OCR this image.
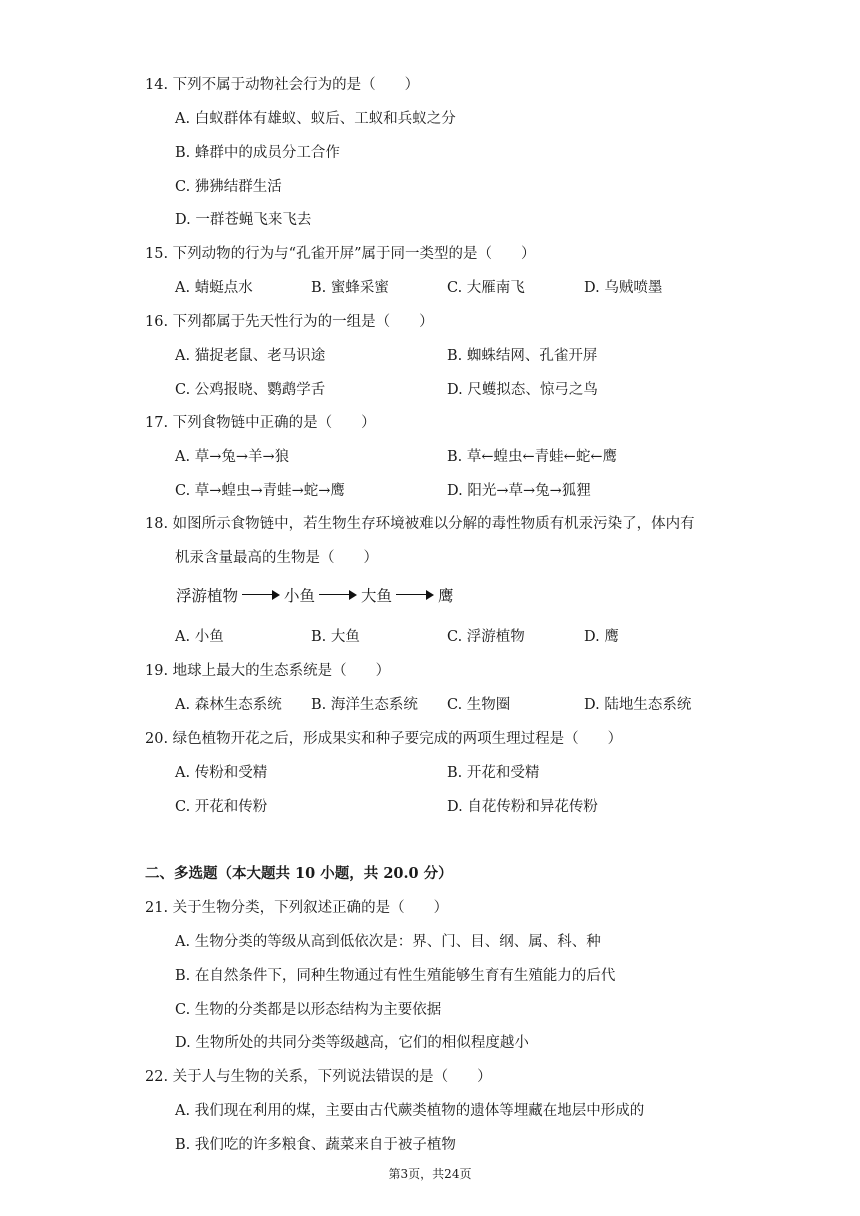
14. 下列不属于动物社会行为的是（　　）
A. 白蚁群体有雄蚁、蚁后、工蚁和兵蚁之分
B. 蜂群中的成员分工合作
C. 狒狒结群生活
D. 一群苍蝇飞来飞去
15. 下列动物的行为与“孔雀开屏”属于同一类型的是（　　）
A. 蜻蜓点水	B. 蜜蜂采蜜	C. 大雁南飞	D. 乌贼喷墨
16. 下列都属于先天性行为的一组是（　　）
A. 猫捉老鼠、老马识途	B. 蜘蛛结网、孔雀开屏
C. 公鸡报晓、鹦鹉学舌	D. 尺蠖拟态、惊弓之鸟
17. 下列食物链中正确的是（　　）
A. 草→兔→羊→狼	B. 草←蝗虫←青蛙←蛇←鹰
C. 草→蝗虫→青蛙→蛇→鹰	D. 阳光→草→兔→狐狸
18. 如图所示食物链中，若生物生存环境被难以分解的毒性物质有机汞污染了，体内有
机汞含量最高的生物是（　　）
浮游植物	小鱼	大鱼	鹰
A. 小鱼	B. 大鱼	C. 浮游植物	D. 鹰
19. 地球上最大的生态系统是（　　）
A. 森林生态系统 B. 海洋生态系统 C. 生物圈	D. 陆地生态系统
20. 绿色植物开花之后，形成果实和种子要完成的两项生理过程是（　　）
A. 传粉和受精	B. 开花和受精
C. 开花和传粉	D. 自花传粉和异花传粉
二、多选题（本大题共 10 小题，共 20.0 分）
21. 关于生物分类，下列叙述正确的是（　　）
A. 生物分类的等级从高到低依次是：界、门、目、纲、属、科、种
B. 在自然条件下，同种生物通过有性生殖能够生育有生殖能力的后代
C. 生物的分类都是以形态结构为主要依据
D. 生物所处的共同分类等级越高，它们的相似程度越小
22. 关于人与生物的关系，下列说法错误的是（　　）
A. 我们现在利用的煤，主要由古代蕨类植物的遗体等埋藏在地层中形成的
B. 我们吃的许多粮食、蔬菜来自于被子植物
第3页，共24页
